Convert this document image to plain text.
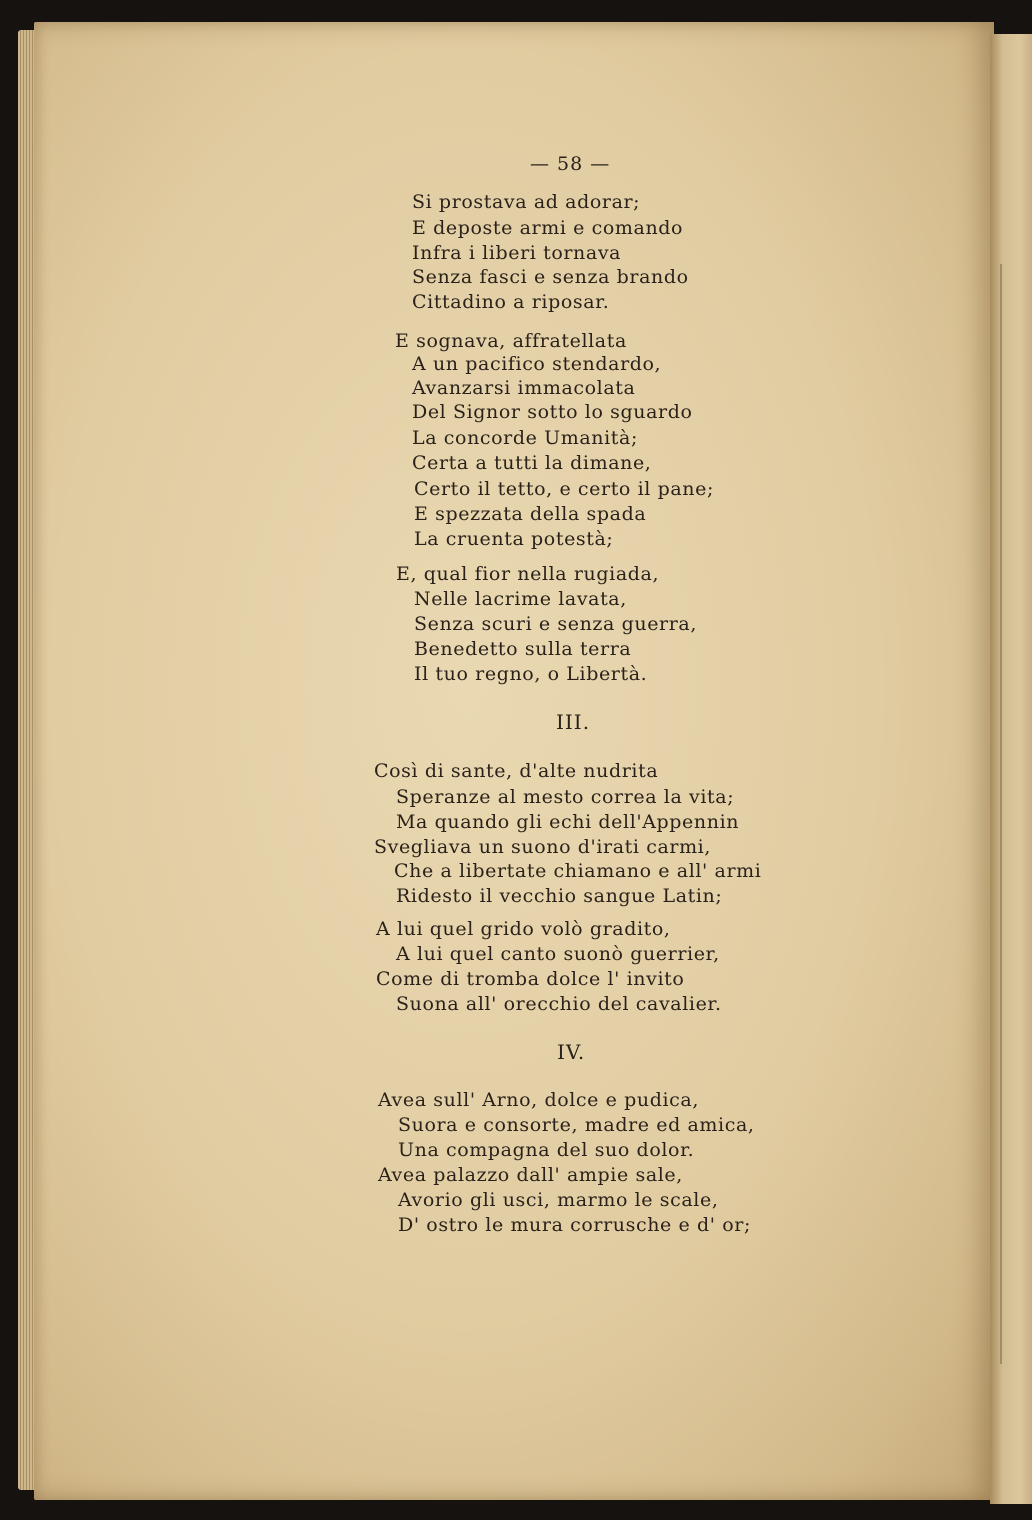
— 58 —
Si prostava ad adorar;
E deposte armi e comando
Infra i liberi tornava
Senza fasci e senza brando
Cittadino a riposar.
E sognava, affratellata
A un pacifico stendardo,
Avanzarsi immacolata
Del Signor sotto lo sguardo
La concorde Umanità;
Certa a tutti la dimane,
Certo il tetto, e certo il pane;
E spezzata della spada
La cruenta potestà;
E, qual fior nella rugiada,
Nelle lacrime lavata,
Senza scuri e senza guerra,
Benedetto sulla terra
Il tuo regno, o Libertà.
III.
Così di sante, d'alte nudrita
Speranze al mesto correa la vita;
Ma quando gli echi dell'Appennin
Svegliava un suono d'irati carmi,
Che a libertate chiamano e all' armi
Ridesto il vecchio sangue Latin;
A lui quel grido volò gradito,
A lui quel canto suonò guerrier,
Come di tromba dolce l' invito
Suona all' orecchio del cavalier.
IV.
Avea sull' Arno, dolce e pudica,
Suora e consorte, madre ed amica,
Una compagna del suo dolor.
Avea palazzo dall' ampie sale,
Avorio gli usci, marmo le scale,
D' ostro le mura corrusche e d' or;
